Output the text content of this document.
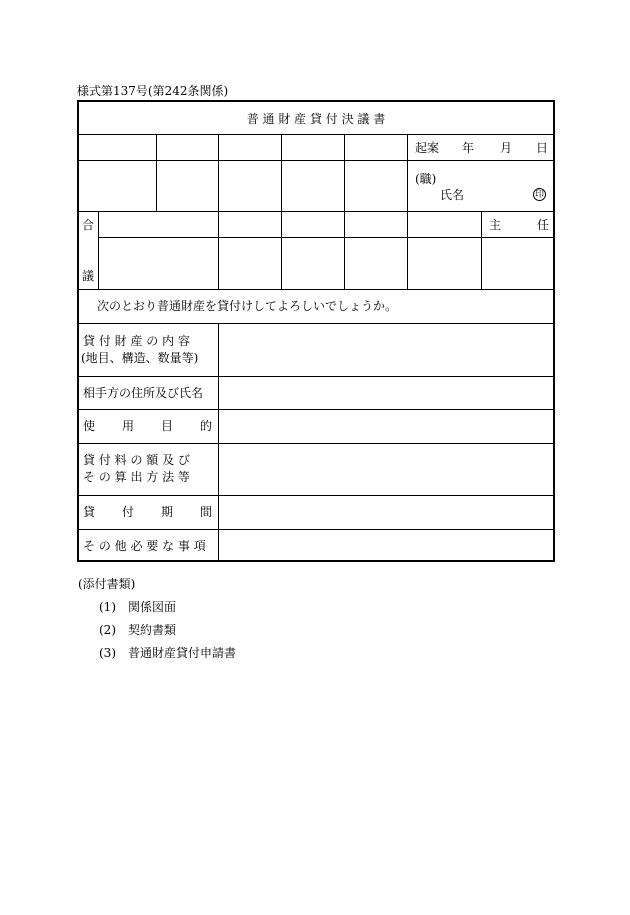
様式第137号(第242条関係)
普 通 財 産 貸 付 決 議 書
起案 年 月 日
(職)
氏名	印
合
議
主	任
次のとおり普通財産を貸付けしてよろしいでしょうか。
貸 付 財 産 の 内 容
(地目、構造、数量等)
相手方の住所及び氏名
使 用 目 的
貸 付 料 の 額 及 び
そ の 算 出 方 法 等
貸 付 期 間
そ の 他 必 要 な 事 項
(添付書類)
(1) 関係図面
(2) 契約書類
(3) 普通財産貸付申請書
